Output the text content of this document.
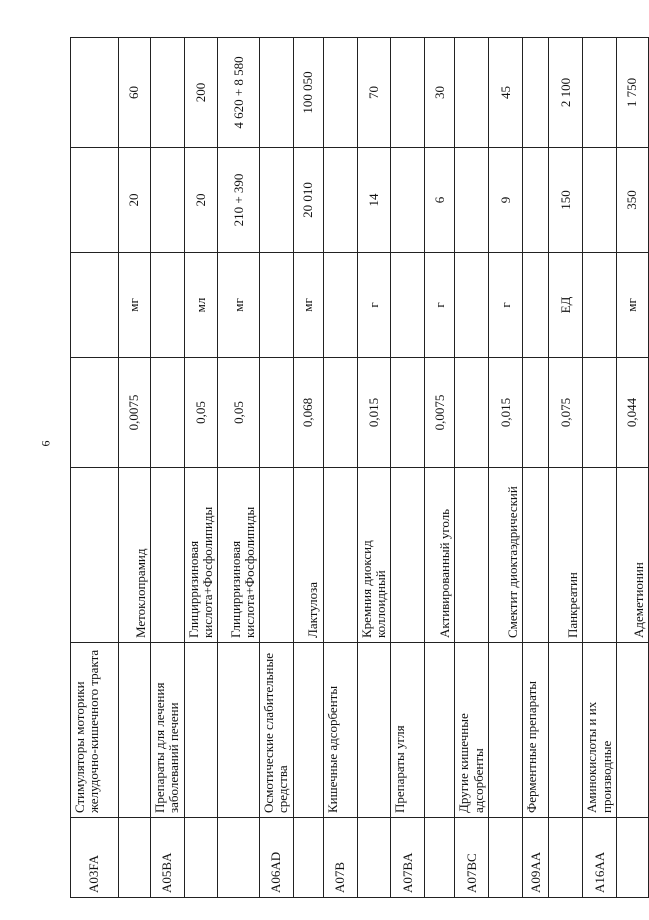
6
A03FA	Стимуляторы моторики желудочно-кишечного тракта					
		Метоклопрамид	0,0075	мг	20	60
A05BA	Препараты для лечения заболеваний печени					
		Глицирризиновая кислота+Фосфолипиды	0,05	мл	20	200
		Глицирризиновая кислота+Фосфолипиды	0,05	мг	210 + 390	4 620 + 8 580
A06AD	Осмотические слабительные средства					
		Лактулоза	0,068	мг	20 010	100 050
A07B	Кишечные адсорбенты					
		Кремния диоксид коллоидный	0,015	г	14	70
A07BA	Препараты угля					
		Активированный уголь	0,0075	г	6	30
A07BC	Другие кишечные адсорбенты					
		Смектит диоктаэдрический	0,015	г	9	45
A09AA	Ферментные препараты					
		Панкреатин	0,075	ЕД	150	2 100
A16AA	Аминокислоты и их производные					
		Адеметионин	0,044	мг	350	1 750
